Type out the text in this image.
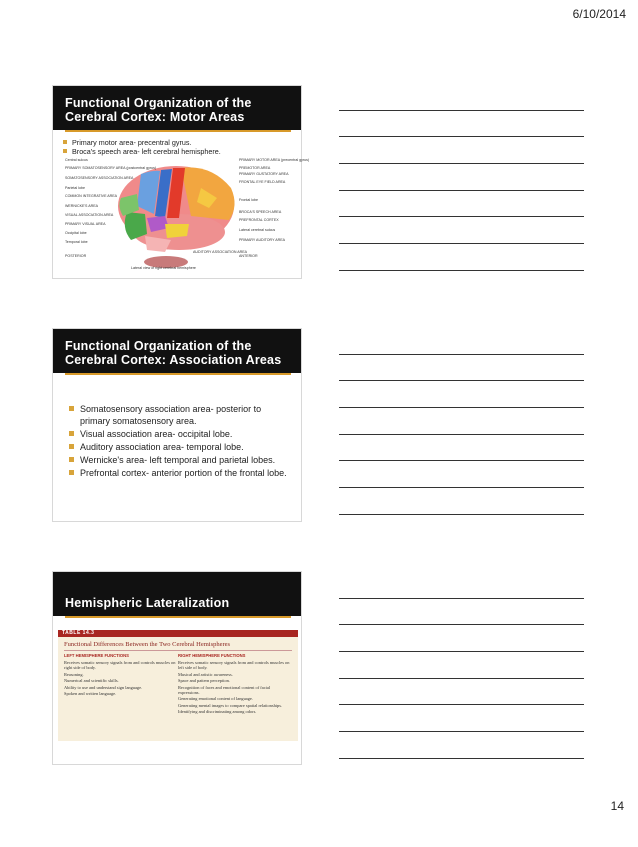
6/10/2014
Functional Organization of the
Cerebral Cortex: Motor Areas
Primary motor area- precentral gyrus.
Broca's speech area- left cerebral hemisphere.
Central sulcus
PRIMARY SOMATOSENSORY AREA (postcentral gyrus)
SOMATOSENSORY ASSOCIATION AREA
Parietal lobe
COMMON INTEGRATIVE AREA
WERNICKE'S AREA
VISUAL ASSOCIATION AREA
PRIMARY VISUAL AREA
Occipital lobe
Temporal lobe
POSTERIOR
PRIMARY MOTOR AREA (precentral gyrus)
PREMOTOR AREA
PRIMARY GUSTATORY AREA
FRONTAL EYE FIELD AREA
Frontal lobe
BROCA'S SPEECH AREA
PREFRONTAL CORTEX
Lateral cerebral sulcus
PRIMARY AUDITORY AREA
ANTERIOR
AUDITORY ASSOCIATION AREA
Lateral view of right cerebral hemisphere
Functional Organization of the
Cerebral Cortex: Association Areas
Somatosensory association area- posterior to primary somatosensory area.
Visual association area- occipital lobe.
Auditory association area- temporal lobe.
Wernicke's area- left temporal and parietal lobes.
Prefrontal cortex- anterior portion of the frontal lobe.
Hemispheric Lateralization
TABLE 14.3
Functional Differences Between the Two Cerebral Hemispheres
LEFT HEMISPHERE FUNCTIONS
Receives somatic sensory signals from and controls muscles on right side of body.
Reasoning.
Numerical and scientific skills.
Ability to use and understand sign language.
Spoken and written language.
RIGHT HEMISPHERE FUNCTIONS
Receives somatic sensory signals from and controls muscles on left side of body.
Musical and artistic awareness.
Space and pattern perception.
Recognition of faces and emotional content of facial expressions.
Generating emotional content of language.
Generating mental images to compare spatial relationships.
Identifying and discriminating among odors.
14
